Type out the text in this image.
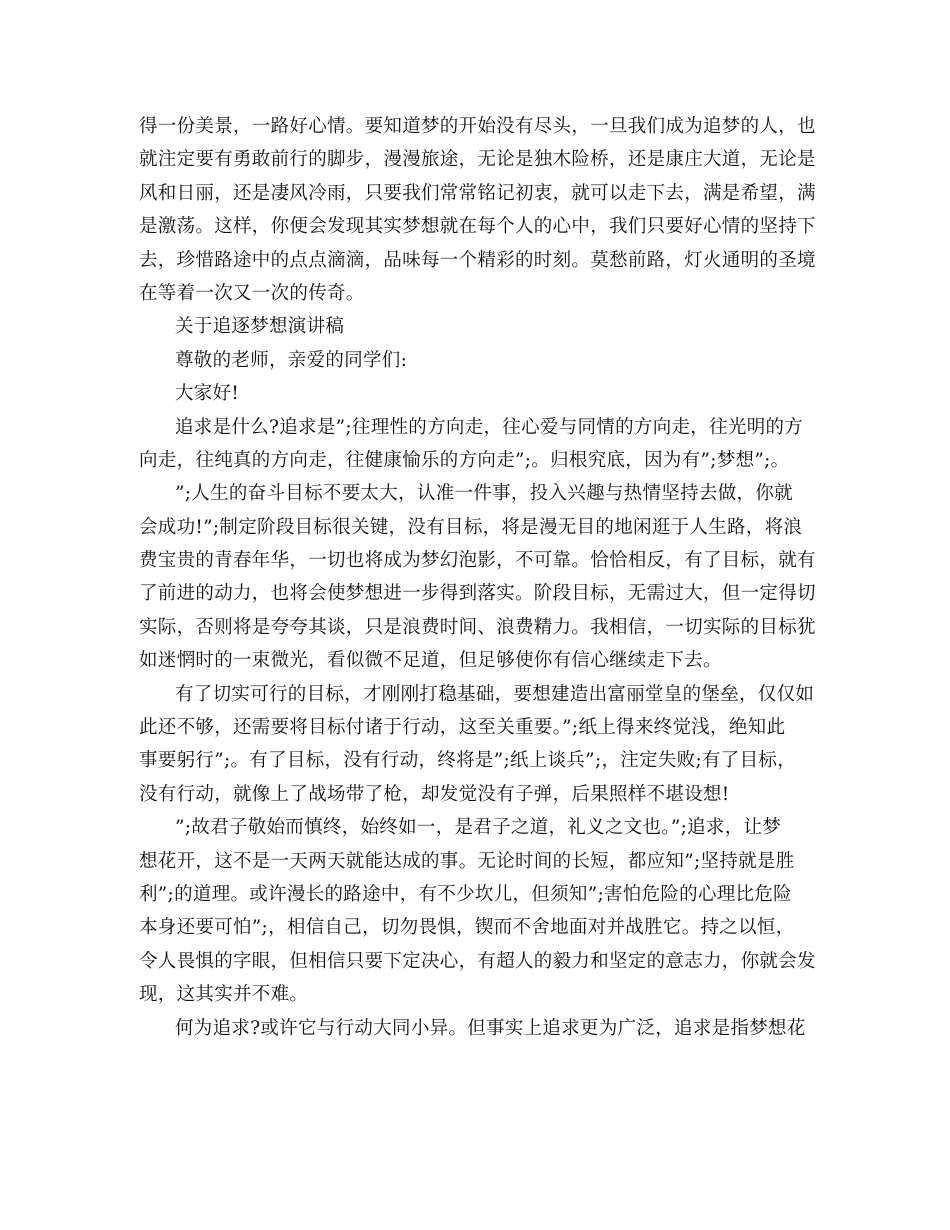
得一份美景，一路好心情。要知道梦的开始没有尽头，一旦我们成为追梦的人，也
就注定要有勇敢前行的脚步，漫漫旅途，无论是独木险桥，还是康庄大道，无论是
风和日丽，还是凄风冷雨，只要我们常常铭记初衷，就可以走下去，满是希望，满
是激荡。这样，你便会发现其实梦想就在每个人的心中，我们只要好心情的坚持下
去，珍惜路途中的点点滴滴，品味每一个精彩的时刻。莫愁前路，灯火通明的圣境
在等着一次又一次的传奇。
关于追逐梦想演讲稿
尊敬的老师，亲爱的同学们:
大家好!
追求是什么?追求是”;往理性的方向走，往心爱与同情的方向走，往光明的方
向走，往纯真的方向走，往健康愉乐的方向走”;。归根究底，因为有”;梦想”;。
”;人生的奋斗目标不要太大，认准一件事，投入兴趣与热情坚持去做，你就
会成功!”;制定阶段目标很关键，没有目标，将是漫无目的地闲逛于人生路，将浪
费宝贵的青春年华，一切也将成为梦幻泡影，不可靠。恰恰相反，有了目标，就有
了前进的动力，也将会使梦想进一步得到落实。阶段目标，无需过大，但一定得切
实际，否则将是夸夸其谈，只是浪费时间、浪费精力。我相信，一切实际的目标犹
如迷惘时的一束微光，看似微不足道，但足够使你有信心继续走下去。
有了切实可行的目标，才刚刚打稳基础，要想建造出富丽堂皇的堡垒，仅仅如
此还不够，还需要将目标付诸于行动，这至关重要。”;纸上得来终觉浅，绝知此
事要躬行”;。有了目标，没有行动，终将是”;纸上谈兵”;，注定失败;有了目标，
没有行动，就像上了战场带了枪，却发觉没有子弹，后果照样不堪设想!
”;故君子敬始而慎终，始终如一，是君子之道，礼义之文也。”;追求，让梦
想花开，这不是一天两天就能达成的事。无论时间的长短，都应知”;坚持就是胜
利”;的道理。或许漫长的路途中，有不少坎儿，但须知”;害怕危险的心理比危险
本身还要可怕”;，相信自己，切勿畏惧，锲而不舍地面对并战胜它。持之以恒，
令人畏惧的字眼，但相信只要下定决心，有超人的毅力和坚定的意志力，你就会发
现，这其实并不难。
何为追求?或许它与行动大同小异。但事实上追求更为广泛，追求是指梦想花
